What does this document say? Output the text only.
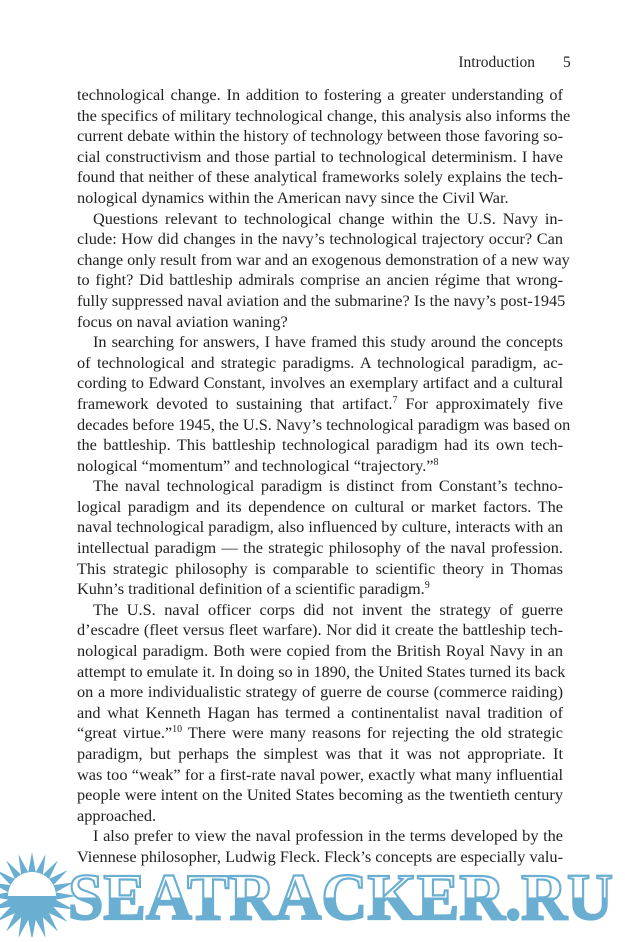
Introduction 5
technological change. In addition to fostering a greater understanding of
the specifics of military technological change, this analysis also informs the
current debate within the history of technology between those favoring so-
cial constructivism and those partial to technological determinism. I have
found that neither of these analytical frameworks solely explains the tech-
nological dynamics within the American navy since the Civil War.
Questions relevant to technological change within the U.S. Navy in-
clude: How did changes in the navy’s technological trajectory occur? Can
change only result from war and an exogenous demonstration of a new way
to fight? Did battleship admirals comprise an ancien régime that wrong-
fully suppressed naval aviation and the submarine? Is the navy’s post-1945
focus on naval aviation waning?
In searching for answers, I have framed this study around the concepts
of technological and strategic paradigms. A technological paradigm, ac-
cording to Edward Constant, involves an exemplary artifact and a cultural
framework devoted to sustaining that artifact.$^7$ For approximately five
decades before 1945, the U.S. Navy’s technological paradigm was based on
the battleship. This battleship technological paradigm had its own tech-
nological “momentum” and technological “trajectory.”$^8$
The naval technological paradigm is distinct from Constant’s techno-
logical paradigm and its dependence on cultural or market factors. The
naval technological paradigm, also influenced by culture, interacts with an
intellectual paradigm — the strategic philosophy of the naval profession.
This strategic philosophy is comparable to scientific theory in Thomas
Kuhn’s traditional definition of a scientific paradigm.$^9$
The U.S. naval officer corps did not invent the strategy of guerre
d’escadre (fleet versus fleet warfare). Nor did it create the battleship tech-
nological paradigm. Both were copied from the British Royal Navy in an
attempt to emulate it. In doing so in 1890, the United States turned its back
on a more individualistic strategy of guerre de course (commerce raiding)
and what Kenneth Hagan has termed a continentalist naval tradition of
“great virtue.”$^{10}$ There were many reasons for rejecting the old strategic
paradigm, but perhaps the simplest was that it was not appropriate. It
was too “weak” for a first-rate naval power, exactly what many influential
people were intent on the United States becoming as the twentieth century
approached.
I also prefer to view the naval profession in the terms developed by the
Viennese philosopher, Ludwig Fleck. Fleck’s concepts are especially valu-
SEATRACKER.RU
